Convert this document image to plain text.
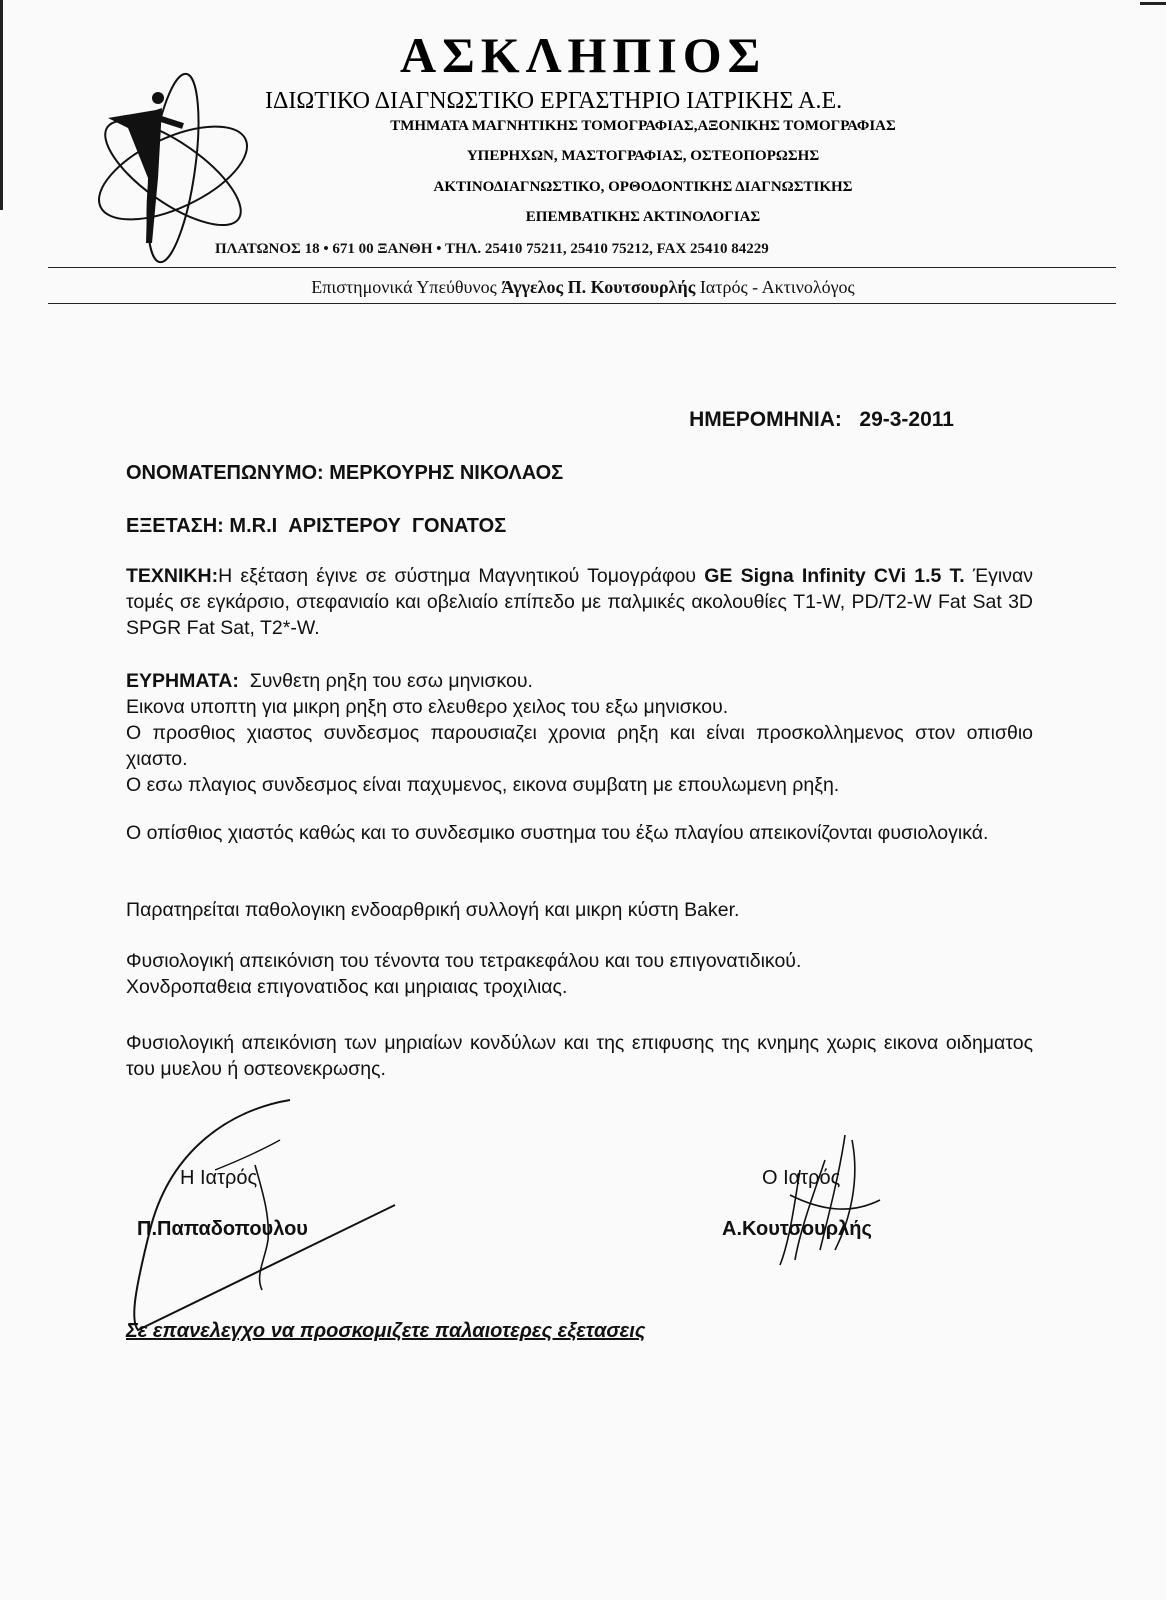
ΑΣΚΛΗΠΙΟΣ
ΙΔΙΩΤΙΚΟ ΔΙΑΓΝΩΣΤΙΚΟ ΕΡΓΑΣΤΗΡΙΟ ΙΑΤΡΙΚΗΣ Α.Ε.
ΤΜΗΜΑΤΑ ΜΑΓΝΗΤΙΚΗΣ ΤΟΜΟΓΡΑΦΙΑΣ,ΑΞΟΝΙΚΗΣ ΤΟΜΟΓΡΑΦΙΑΣ
ΥΠΕΡΗΧΩΝ, ΜΑΣΤΟΓΡΑΦΙΑΣ, ΟΣΤΕΟΠΟΡΩΣΗΣ
ΑΚΤΙΝΟΔΙΑΓΝΩΣΤΙΚΟ, ΟΡΘΟΔΟΝΤΙΚΗΣ ΔΙΑΓΝΩΣΤΙΚΗΣ
ΕΠΕΜΒΑΤΙΚΗΣ ΑΚΤΙΝΟΛΟΓΙΑΣ
ΠΛΑΤΩΝΟΣ 18 • 671 00 ΞΑΝΘΗ • ΤΗΛ. 25410 75211, 25410 75212, FAX 25410 84229
Επιστημονικά Υπεύθυνος Άγγελος Π. Κουτσουρλής Ιατρός - Ακτινολόγος
ΗΜΕΡΟΜΗΝΙΑ: 29-3-2011
ΟΝΟΜΑΤΕΠΩΝΥΜΟ: ΜΕΡΚΟΥΡΗΣ ΝΙΚΟΛΑΟΣ
ΕΞΕΤΑΣΗ: M.R.I  ΑΡΙΣΤΕΡΟΥ  ΓΟΝΑΤΟΣ
ΤΕΧΝΙΚΗ:Η εξέταση έγινε σε σύστημα Μαγνητικού Τομογράφου GE Signa Infinity CVi 1.5 T. Έγιναν τομές σε εγκάρσιο, στεφανιαίο και οβελιαίο επίπεδο με παλμικές ακολουθίες T1-W, PD/T2-W Fat Sat 3D SPGR Fat Sat, T2*-W.
ΕΥΡΗΜΑΤΑ: Συνθετη ρηξη του εσω μηνισκου.
Εικονα υποπτη για μικρη ρηξη στο ελευθερο χειλος του εξω μηνισκου.
Ο προσθιος χιαστος συνδεσμος παρουσιαζει χρονια ρηξη και είναι προσκολλημενος στον οπισθιο χιαστο.
Ο εσω πλαγιος συνδεσμος είναι παχυμενος, εικονα συμβατη με επουλωμενη ρηξη.
Ο οπίσθιος χιαστός καθώς και το συνδεσμικο συστημα του έξω πλαγίου απεικονίζονται φυσιολογικά.
Παρατηρείται παθολογικη ενδοαρθρική συλλογή και μικρη κύστη Baker.
Φυσιολογική απεικόνιση του τένοντα του τετρακεφάλου και του επιγονατιδικού.
Χονδροπαθεια επιγονατιδος και μηριαιας τροχιλιας.
Φυσιολογική απεικόνιση των μηριαίων κονδύλων και της επιφυσης της κνημης χωρις εικονα οιδηματος του μυελου ή οστεονεκρωσης.
Η Ιατρός
Π.Παπαδοπουλου
Ο Ιατρός
Α.Κουτσουρλής
Σε επανελεγχο να προσκομιζετε παλαιοτερες εξετασεις
